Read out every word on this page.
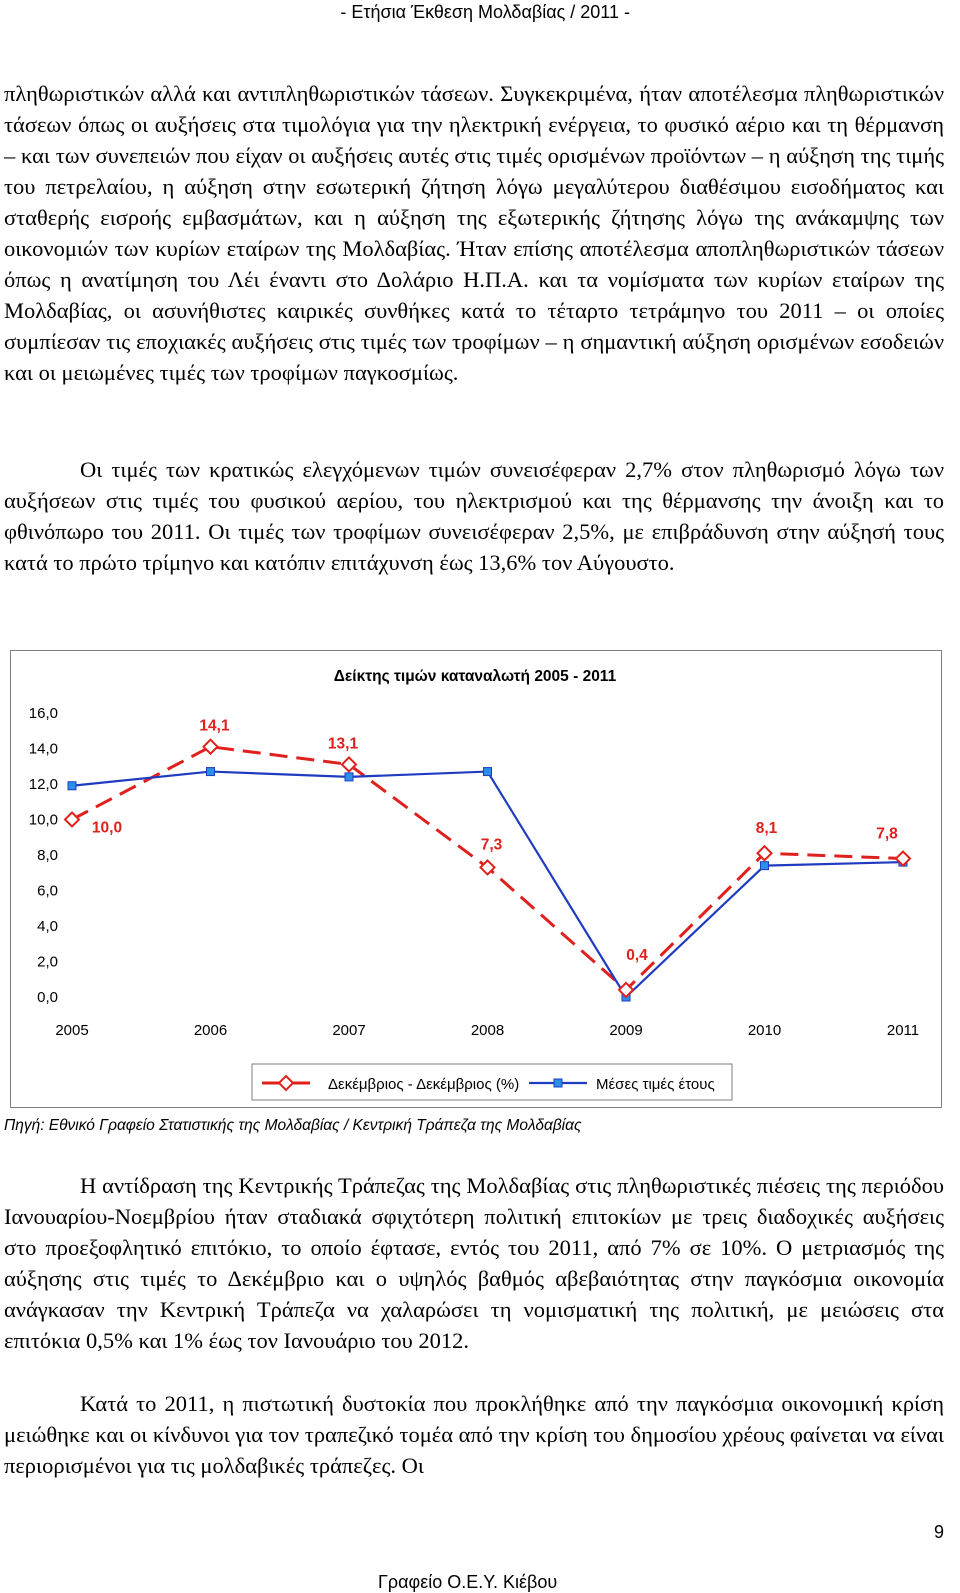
- Ετήσια Έκθεση Μολδαβίας / 2011 -

πληθωριστικών αλλά και αντιπληθωριστικών τάσεων. Συγκεκριμένα, ήταν αποτέλεσμα πληθωριστικών τάσεων όπως οι αυξήσεις στα τιμολόγια για την ηλεκτρική ενέργεια, το φυσικό αέριο και τη θέρμανση – και των συνεπειών που είχαν οι αυξήσεις αυτές στις τιμές ορισμένων προϊόντων – η αύξηση της τιμής του πετρελαίου, η αύξηση στην εσωτερική ζήτηση λόγω μεγαλύτερου διαθέσιμου εισοδήματος και σταθερής εισροής εμβασμάτων, και η αύξηση της εξωτερικής ζήτησης λόγω της ανάκαμψης των οικονομιών των κυρίων εταίρων της Μολδαβίας. Ήταν επίσης αποτέλεσμα αποπληθωριστικών τάσεων όπως η ανατίμηση του Λέι έναντι στο Δολάριο Η.Π.Α. και τα νομίσματα των κυρίων εταίρων της Μολδαβίας, οι ασυνήθιστες καιρικές συνθήκες κατά το τέταρτο τετράμηνο του 2011 – οι οποίες συμπίεσαν τις εποχιακές αυξήσεις στις τιμές των τροφίμων – η σημαντική αύξηση ορισμένων εσοδειών και οι μειωμένες τιμές των τροφίμων παγκοσμίως.

Οι τιμές των κρατικώς ελεγχόμενων τιμών συνεισέφεραν 2,7% στον πληθωρισμό λόγω των αυξήσεων στις τιμές του φυσικού αερίου, του ηλεκτρισμού και της θέρμανσης την άνοιξη και το φθινόπωρο του 2011. Οι τιμές των τροφίμων συνεισέφεραν 2,5%, με επιβράδυνση στην αύξησή τους κατά το πρώτο τρίμηνο και κατόπιν επιτάχυνση έως 13,6% τον Αύγουστο.

Δείκτης τιμών καταναλωτή 2005 - 2011
0,0
2,0
4,0
6,0
8,0
10,0
12,0
14,0
16,0
2005	2006	2007	2008	2009	2010	2011
10,0
14,1
13,1
7,3
0,4
8,1	7,8
Δεκέμβριος - Δεκέμβριος (%)	Μέσες τιμές έτους
Πηγή: Εθνικό Γραφείο Στατιστικής της Μολδαβίας / Κεντρική Τράπεζα της Μολδαβίας

Η αντίδραση της Κεντρικής Τράπεζας της Μολδαβίας στις πληθωριστικές πιέσεις της περιόδου Ιανουαρίου-Νοεμβρίου ήταν σταδιακά σφιχτότερη πολιτική επιτοκίων με τρεις διαδοχικές αυξήσεις στο προεξοφλητικό επιτόκιο, το οποίο έφτασε, εντός του 2011, από 7% σε 10%. Ο μετριασμός της αύξησης στις τιμές το Δεκέμβριο και ο υψηλός βαθμός αβεβαιότητας στην παγκόσμια οικονομία ανάγκασαν την Κεντρική Τράπεζα να χαλαρώσει τη νομισματική της πολιτική, με μειώσεις στα επιτόκια 0,5% και 1% έως τον Ιανουάριο του 2012.

Κατά το 2011, η πιστωτική δυστοκία που προκλήθηκε από την παγκόσμια οικονομική κρίση μειώθηκε και οι κίνδυνοι για τον τραπεζικό τομέα από την κρίση του δημοσίου χρέους φαίνεται να είναι περιορισμένοι για τις μολδαβικές τράπεζες. Οι

9
Γραφείο Ο.Ε.Υ. Κιέβου
